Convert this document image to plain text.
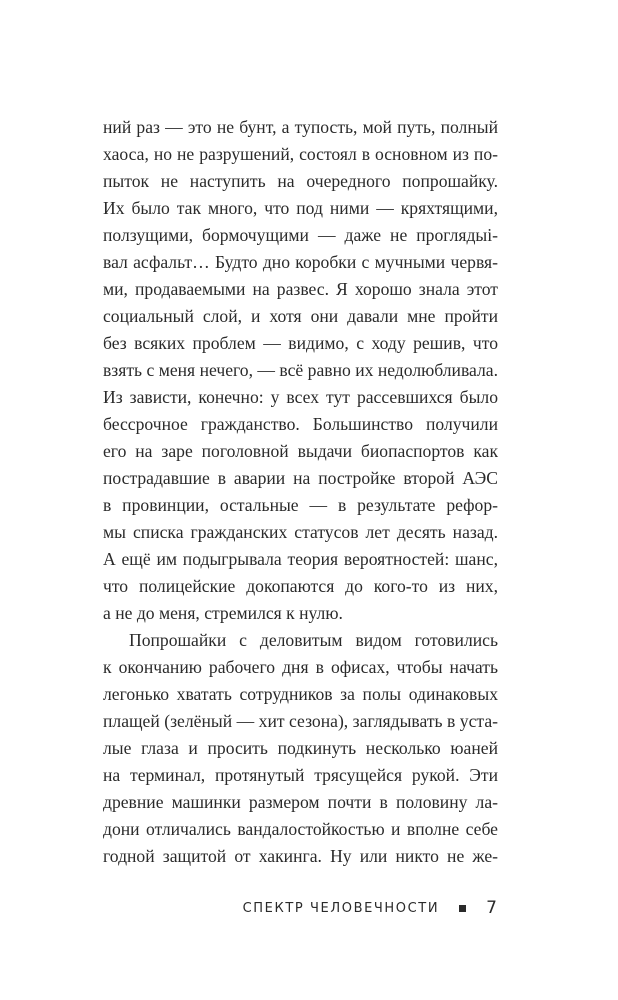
ний раз — это не бунт, а тупость, мой путь, полный
хаоса, но не разрушений, состоял в основном из по-
пыток не наступить на очередного попрошайку.
Их было так много, что под ними — кряхтящими,
ползущими, бормочущими — даже не проглядыі-
вал асфальт… Будто дно коробки с мучными червя-
ми, продаваемыми на развес. Я хорошо знала этот
социальный слой, и хотя они давали мне пройти
без всяких проблем — видимо, с ходу решив, что
взять с меня нечего, — всё равно их недолюбливала.
Из зависти, конечно: у всех тут рассевшихся было
бессрочное гражданство. Большинство получили
его на заре поголовной выдачи биопаспортов как
пострадавшие в аварии на постройке второй АЭС
в провинции, остальные — в результате рефор-
мы списка гражданских статусов лет десять назад.
А ещё им подыгрывала теория вероятностей: шанс,
что полицейские докопаются до кого-то из них,
а не до меня, стремился к нулю.
Попрошайки с деловитым видом готовились
к окончанию рабочего дня в офисах, чтобы начать
легонько хватать сотрудников за полы одинаковых
плащей (зелёный — хит сезона), заглядывать в уста-
лые глаза и просить подкинуть несколько юаней
на терминал, протянутый трясущейся рукой. Эти
древние машинки размером почти в половину ла-
дони отличались вандалостойкостью и вполне себе
годной защитой от хакинга. Ну или никто не же-
СПЕКТР ЧЕЛОВЕЧНОСТИ	7
